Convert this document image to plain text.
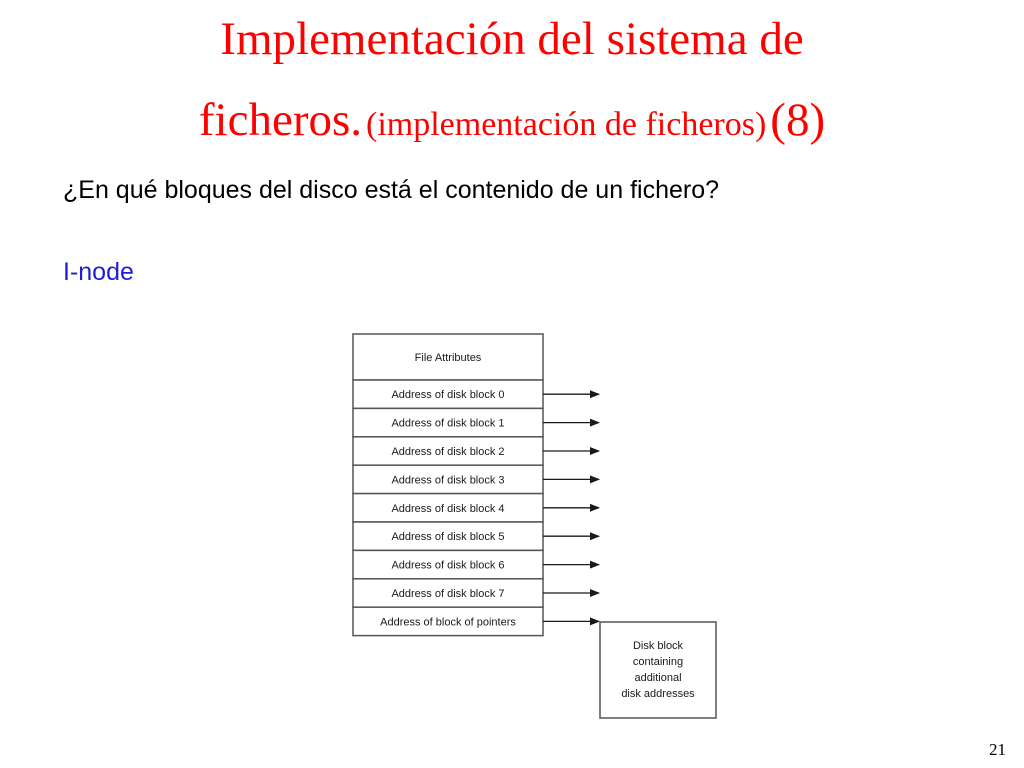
Implementación del sistema de
ficheros. (implementación de ficheros) (8)
¿En qué bloques del disco está el contenido de un fichero?
I-node
File Attributes
Address of disk block 0
Address of disk block 1
Address of disk block 2
Address of disk block 3
Address of disk block 4
Address of disk block 5
Address of disk block 6
Address of disk block 7
Address of block of pointers
Disk block
containing
additional
disk addresses
21
